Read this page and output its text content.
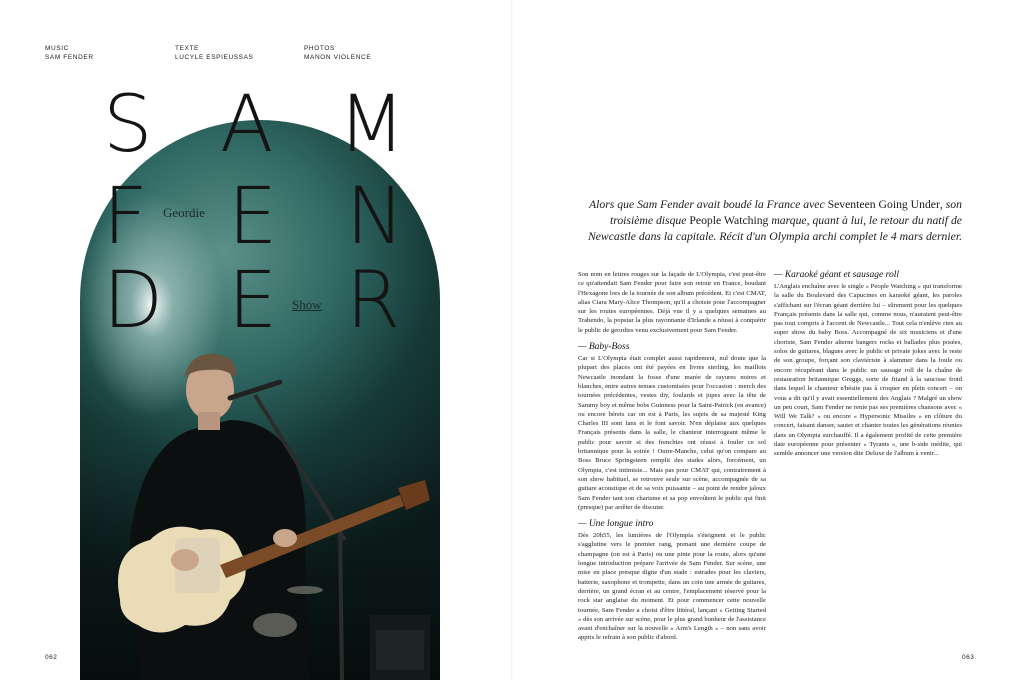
MUSIC
SAM FENDER
TEXTE
LUCYLE ESPIEUSSAS
PHOTOS
MANON VIOLENCE
S A M
F E N
D E R
Geordie
Show

Alors que Sam Fender avait boudé la France avec Seventeen Going Under, son troisième disque People Watching marque, quant à lui, le retour du natif de Newcastle dans la capitale. Récit d'un Olympia archi complet le 4 mars dernier.

Son nom en lettres rouges sur la façade de L'Olympia, c'est peut-être ce qu'attendait Sam Fender pour faire son retour en France, boudant l'Hexagone lors de la tournée de son album précédent. Et c'est CMAT, alias Ciara Mary-Alice Thompson, qu'il a choisie pour l'accompagner sur les routes européennes. Déjà vue il y a quelques semaines au Trabendo, la popstar la plus rayonnante d'Irlande a réussi à conquérir le public de geordies venu exclusivement pour Sam Fender.

— Baby-Boss

Car si L'Olympia était complet aussi rapidement, nul doute que la plupart des places ont été payées en livres sterling, les maillots Newcastle inondant la fosse d'une marée de rayures noires et blanches, entre autres tenues customisées pour l'occasion : merch des tournées précédentes, vestes diy, foulards et jupes avec la tête de Sammy boy et même bobs Guinness pour la Saint-Patrick (en avance) ou encore bérets car on est à Paris, les sujets de sa majesté King Charles III sont fans et le font savoir. N'en déplaise aux quelques Français présents dans la salle, le chanteur interrogeant même le public pour savoir si des frenchies ont réussi à fouler ce sol britannique pour la soirée ! Outre-Manche, celui qu'on compare au Boss Bruce Springsteen remplit des stades alors, forcément, un Olympia, c'est intimiste... Mais pas pour CMAT qui, contrairement à son show habituel, se retrouve seule sur scène, accompagnée de sa guitare acoustique et de sa voix puissante – au point de rendre jaloux Sam Fender tant son charisme et sa pop envoûtent le public qui finit (presque) par arrêter de discuter.

— Une longue intro

Dès 20h55, les lumières de l'Olympia s'éteignent et le public s'agglutine vers le premier rang, prenant une dernière coupe de champagne (on est à Paris) ou une pinte pour la route, alors qu'une longue introduction prépare l'arrivée de Sam Fender. Sur scène, une mise en place presque digne d'un stade : estrades pour les claviers, batterie, saxophone et trompette, dans un coin une armée de guitares, derrière, un grand écran et au centre, l'emplacement réservé pour la rock star anglaise du moment. Et pour commencer cette nouvelle tournée, Sam Fender a choisi d'être littéral, lançant « Getting Started » dès son arrivée sur scène, pour le plus grand bonheur de l'assistance avant d'enchaîner sur la nouvelle « Arm's Length » – non sans avoir appris le refrain à son public d'abord.

— Karaoké géant et sausage roll

L'Anglais enchaîne avec le single « People Watching » qui transforme la salle du Boulevard des Capucines en karaoké géant, les paroles s'affichant sur l'écran géant derrière lui – sûrement pour les quelques Français présents dans la salle qui, comme nous, n'auraient peut-être pas tout compris à l'accent de Newcastle... Tout cela n'enlève rien au super show du baby Boss. Accompagné de six musiciens et d'une choriste, Sam Fender alterne bangers rocks et ballades plus posées, solos de guitares, blagues avec le public et private jokes avec le reste de son groupe, forçant son claviériste à slammer dans la foule ou encore récupérant dans le public un sausage roll de la chaîne de restauration britannique Greggs, sorte de friand à la saucisse froid dans lequel le chanteur n'hésite pas à croquer en plein concert – on vous a dit qu'il y avait essentiellement des Anglais ? Malgré un show un peu court, Sam Fender ne renie pas ses premières chansons avec « Will We Talk? » ou encore « Hypersonic Missiles » en clôture du concert, faisant danser, sauter et chanter toutes les générations réunies dans un Olympia surchauffé. Il a également profité de cette première date européenne pour présenter « Tyrants », une b-side inédite, qui semble annoncer une version dite Deluxe de l'album à venir...

062	063
